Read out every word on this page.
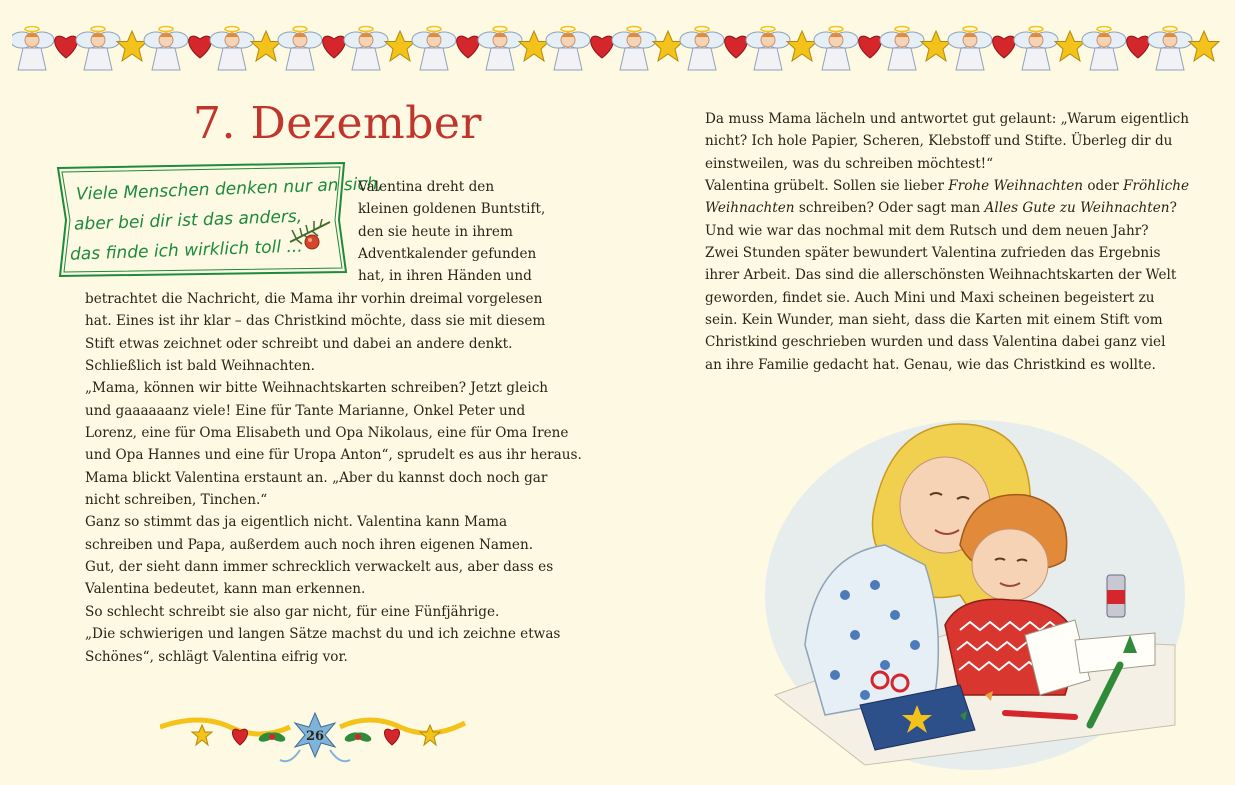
7. Dezember
Viele Menschen denken nur an sich,
aber bei dir ist das anders,
das finde ich wirklich toll ...

Valentina dreht den

kleinen goldenen Buntstift,

den sie heute in ihrem

Adventkalender gefunden

hat, in ihren Händen und

betrachtet die Nachricht, die Mama ihr vorhin dreimal vorgelesen

hat. Eines ist ihr klar – das Christkind möchte, dass sie mit diesem

Stift etwas zeichnet oder schreibt und dabei an andere denkt.

Schließlich ist bald Weihnachten.

„Mama, können wir bitte Weihnachtskarten schreiben? Jetzt gleich

und gaaaaaanz viele! Eine für Tante Marianne, Onkel Peter und

Lorenz, eine für Oma Elisabeth und Opa Nikolaus, eine für Oma Irene

und Opa Hannes und eine für Uropa Anton“, sprudelt es aus ihr heraus.

Mama blickt Valentina erstaunt an. „Aber du kannst doch noch gar

nicht schreiben, Tinchen.“

Ganz so stimmt das ja eigentlich nicht. Valentina kann Mama

schreiben und Papa, außerdem auch noch ihren eigenen Namen.

Gut, der sieht dann immer schrecklich verwackelt aus, aber dass es

Valentina bedeutet, kann man erkennen.

So schlecht schreibt sie also gar nicht, für eine Fünfjährige.

„Die schwierigen und langen Sätze machst du und ich zeichne etwas

Schönes“, schlägt Valentina eifrig vor.

Da muss Mama lächeln und antwortet gut gelaunt: „Warum eigentlich

nicht? Ich hole Papier, Scheren, Klebstoff und Stifte. Überleg dir du

einstweilen, was du schreiben möchtest!“

Valentina grübelt. Sollen sie lieber Frohe Weihnachten oder Fröhliche

Weihnachten schreiben? Oder sagt man Alles Gute zu Weihnachten?

Und wie war das nochmal mit dem Rutsch und dem neuen Jahr?

Zwei Stunden später bewundert Valentina zufrieden das Ergebnis

ihrer Arbeit. Das sind die allerschönsten Weihnachtskarten der Welt

geworden, findet sie. Auch Mini und Maxi scheinen begeistert zu

sein. Kein Wunder, man sieht, dass die Karten mit einem Stift vom

Christkind geschrieben wurden und dass Valentina dabei ganz viel

an ihre Familie gedacht hat. Genau, wie das Christkind es wollte.

26
